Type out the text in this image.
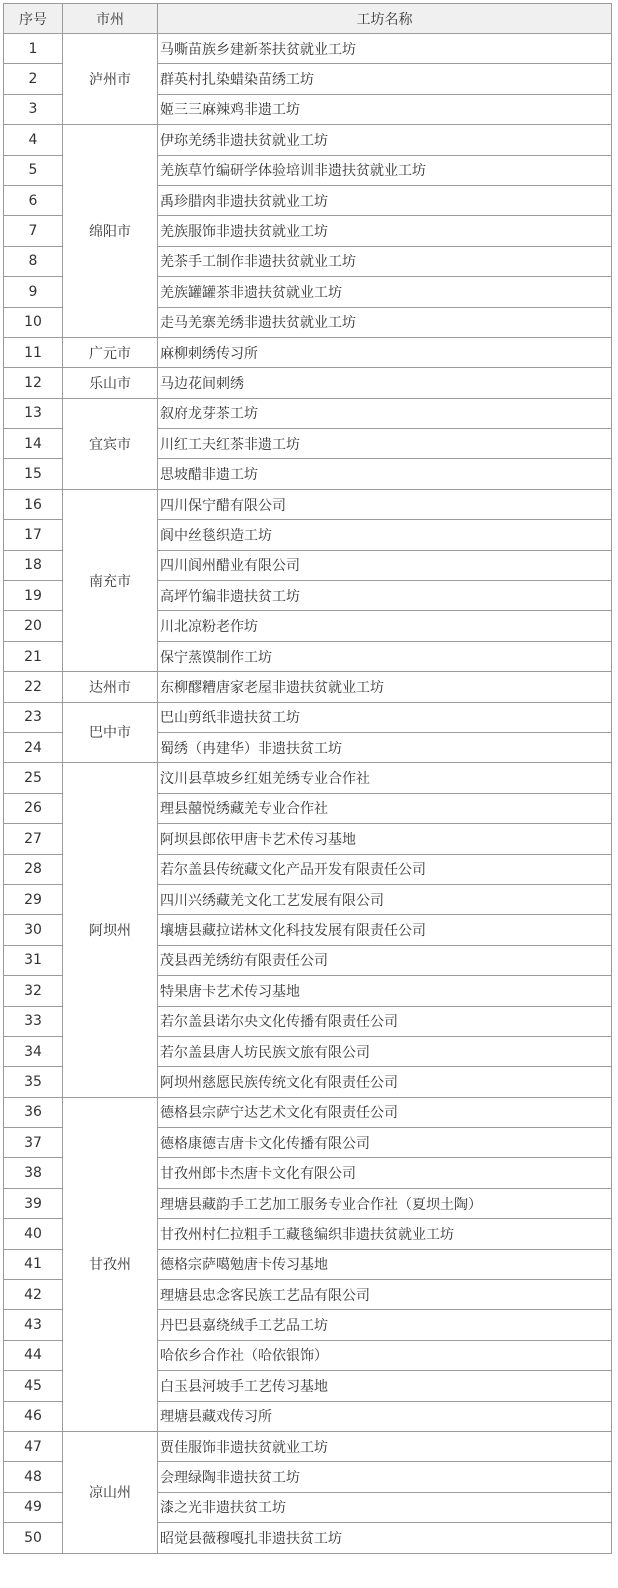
序号	市州	工坊名称
1	泸州市	马嘶苗族乡建新茶扶贫就业工坊
2		群英村扎染蜡染苗绣工坊
3		姬三三麻辣鸡非遗工坊
4	绵阳市	伊珎羌绣非遗扶贫就业工坊
5		羌族草竹编研学体验培训非遗扶贫就业工坊
6		禹珍腊肉非遗扶贫就业工坊
7		羌族服饰非遗扶贫就业工坊
8		羌茶手工制作非遗扶贫就业工坊
9		羌族罐罐茶非遗扶贫就业工坊
10		走马羌寨羌绣非遗扶贫就业工坊
11	广元市	麻柳刺绣传习所
12	乐山市	马边花间刺绣
13	宜宾市	叙府龙芽茶工坊
14		川红工夫红茶非遗工坊
15		思坡醋非遗工坊
16	南充市	四川保宁醋有限公司
17		阆中丝毯织造工坊
18		四川阆州醋业有限公司
19		高坪竹编非遗扶贫工坊
20		川北凉粉老作坊
21		保宁蒸馍制作工坊
22	达州市	东柳醪糟唐家老屋非遗扶贫就业工坊
23	巴中市	巴山剪纸非遗扶贫工坊
24		蜀绣（冉建华）非遗扶贫工坊
25	阿坝州	汶川县草坡乡红姐羌绣专业合作社
26		理县囍悦绣藏羌专业合作社
27		阿坝县郎依甲唐卡艺术传习基地
28		若尔盖县传统藏文化产品开发有限责任公司
29		四川兴绣藏羌文化工艺发展有限公司
30		壤塘县藏拉诺林文化科技发展有限责任公司
31		茂县西羌绣纺有限责任公司
32		特果唐卡艺术传习基地
33		若尔盖县诺尔央文化传播有限责任公司
34		若尔盖县唐人坊民族文旅有限公司
35		阿坝州慈愿民族传统文化有限责任公司
36	甘孜州	德格县宗萨宁达艺术文化有限责任公司
37		德格康德吉唐卡文化传播有限公司
38		甘孜州郎卡杰唐卡文化有限公司
39		理塘县藏韵手工艺加工服务专业合作社（夏坝土陶）
40		甘孜州村仁拉粗手工藏毯编织非遗扶贫就业工坊
41		德格宗萨噶勉唐卡传习基地
42		理塘县忠念客民族工艺品有限公司
43		丹巴县嘉绕绒手工艺品工坊
44		哈依乡合作社（哈依银饰）
45		白玉县河坡手工艺传习基地
46		理塘县藏戏传习所
47	凉山州	贾佳服饰非遗扶贫就业工坊
48		会理绿陶非遗扶贫工坊
49		漆之光非遗扶贫工坊
50		昭觉县薇穆嘎扎非遗扶贫工坊
